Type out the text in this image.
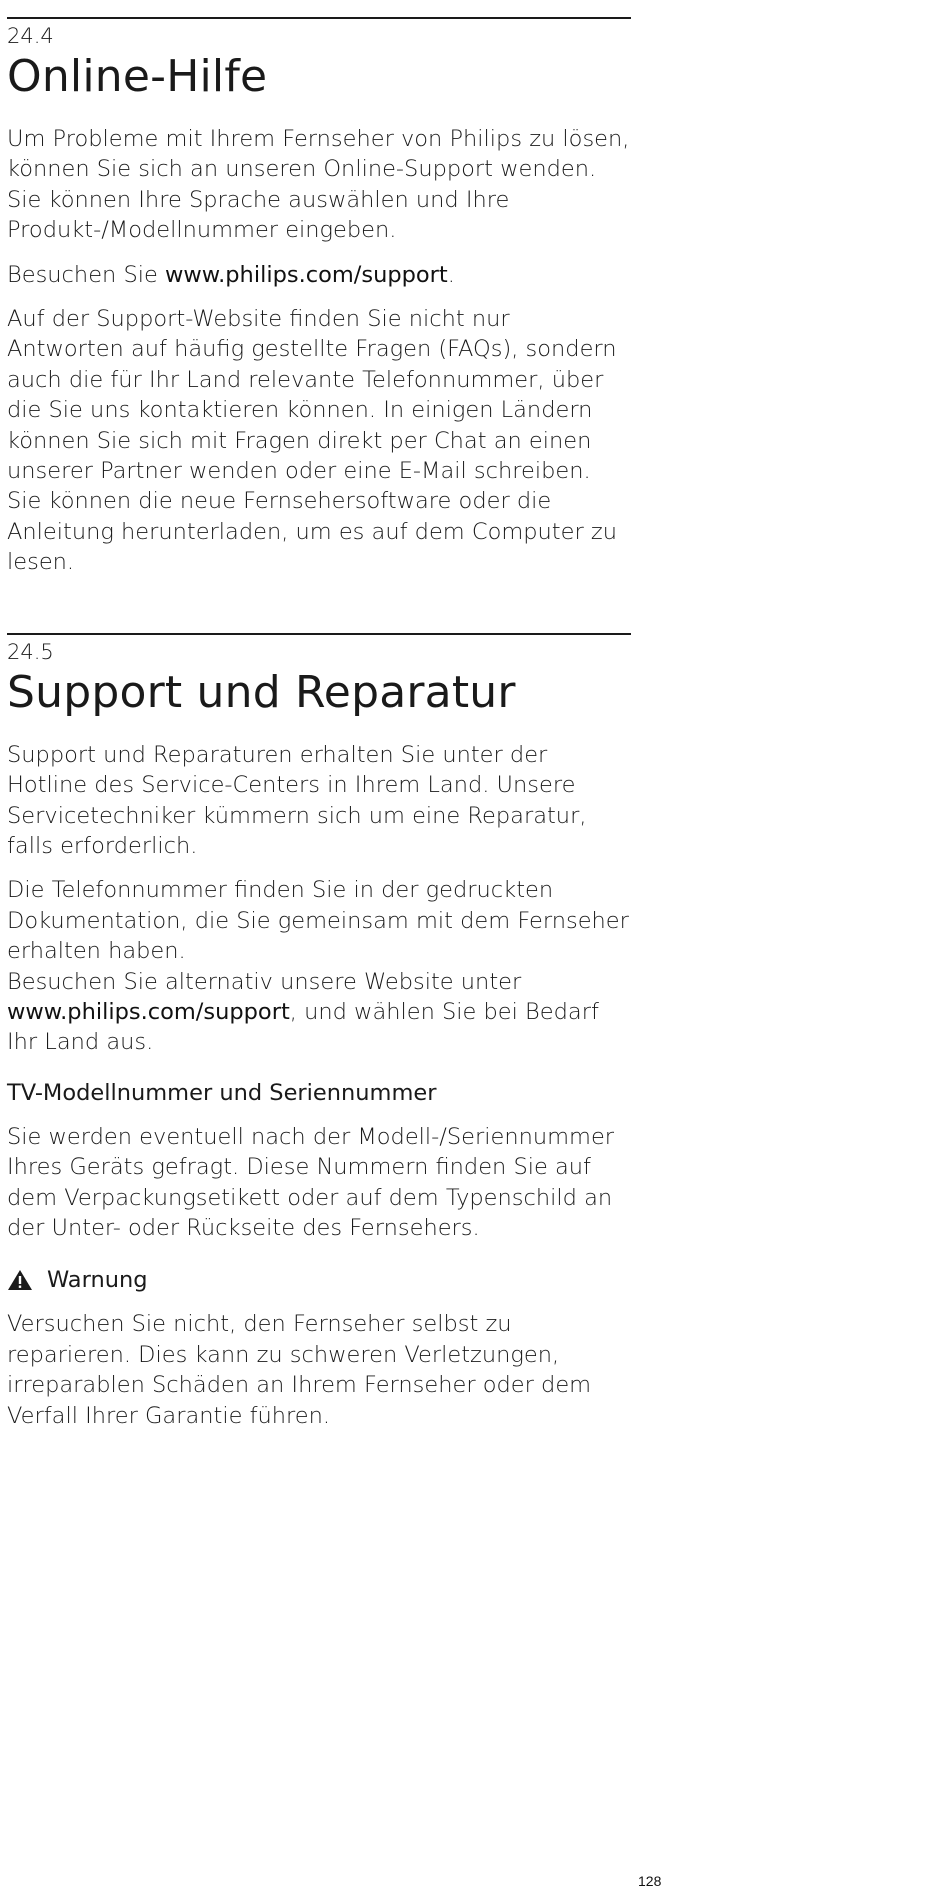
24.4
Online-Hilfe

Um Probleme mit Ihrem Fernseher von Philips zu lösen, können Sie sich an unseren Online-Support wenden. Sie können Ihre Sprache auswählen und Ihre Produkt-/Modellnummer eingeben.

Besuchen Sie www.philips.com/support.

Auf der Support-Website finden Sie nicht nur Antworten auf häufig gestellte Fragen (FAQs), sondern auch die für Ihr Land relevante Telefonnummer, über die Sie uns kontaktieren können. In einigen Ländern können Sie sich mit Fragen direkt per Chat an einen unserer Partner wenden oder eine E-Mail schreiben.

Sie können die neue Fernsehersoftware oder die Anleitung herunterladen, um es auf dem Computer zu lesen.

24.5
Support und Reparatur

Support und Reparaturen erhalten Sie unter der Hotline des Service-Centers in Ihrem Land. Unsere Servicetechniker kümmern sich um eine Reparatur, falls erforderlich.

Die Telefonnummer finden Sie in der gedruckten Dokumentation, die Sie gemeinsam mit dem Fernseher erhalten haben.

Besuchen Sie alternativ unsere Website unter  www.philips.com/support, und wählen Sie bei Bedarf Ihr Land aus.

TV-Modellnummer und Seriennummer

Sie werden eventuell nach der Modell-/Seriennummer Ihres Geräts gefragt. Diese Nummern finden Sie auf dem Verpackungsetikett oder auf dem Typenschild an der Unter- oder Rückseite des Fernsehers.

Warnung

Versuchen Sie nicht, den Fernseher selbst zu reparieren. Dies kann zu schweren Verletzungen, irreparablen Schäden an Ihrem Fernseher oder dem Verfall Ihrer Garantie führen.

128
